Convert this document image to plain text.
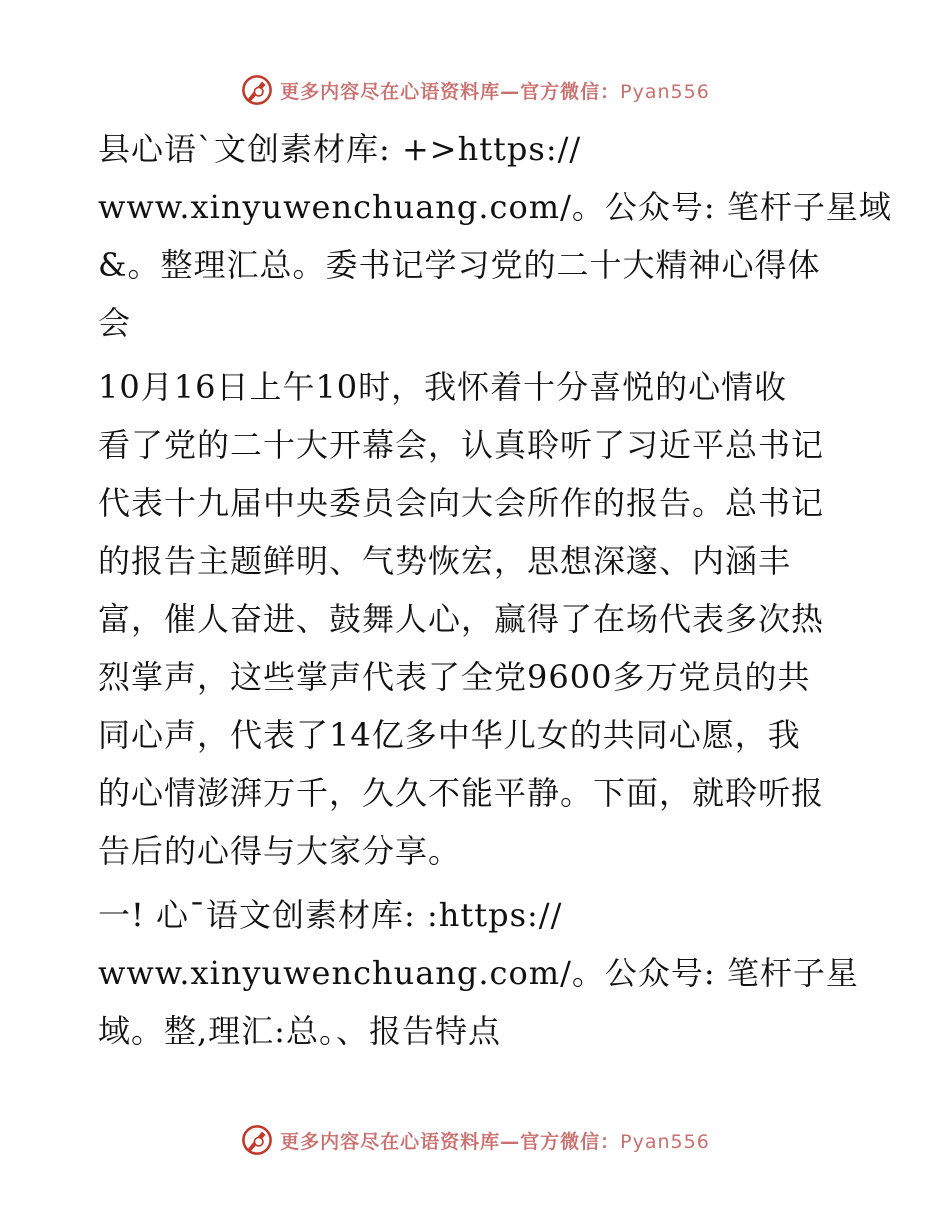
更多内容尽在心语资料库—官方微信：Pyan556
县心语`文创素材库: +>https://
www.xinyuwenchuang.com/。公众号: 笔杆子星域
&。整理汇总。委书记学习党的二十大精神心得体
会
10月16日上午10时，我怀着十分喜悦的心情收
看了党的二十大开幕会，认真聆听了习近平总书记
代表十九届中央委员会向大会所作的报告。总书记
的报告主题鲜明、气势恢宏，思想深邃、内涵丰
富，催人奋进、鼓舞人心，赢得了在场代表多次热
烈掌声，这些掌声代表了全党9600多万党员的共
同心声，代表了14亿多中华儿女的共同心愿，我
的心情澎湃万千，久久不能平静。下面，就聆听报
告后的心得与大家分享。
一! 心¯语文创素材库: :https://
www.xinyuwenchuang.com/。公众号: 笔杆子星
域。整,理汇:总。、报告特点
更多内容尽在心语资料库—官方微信：Pyan556
